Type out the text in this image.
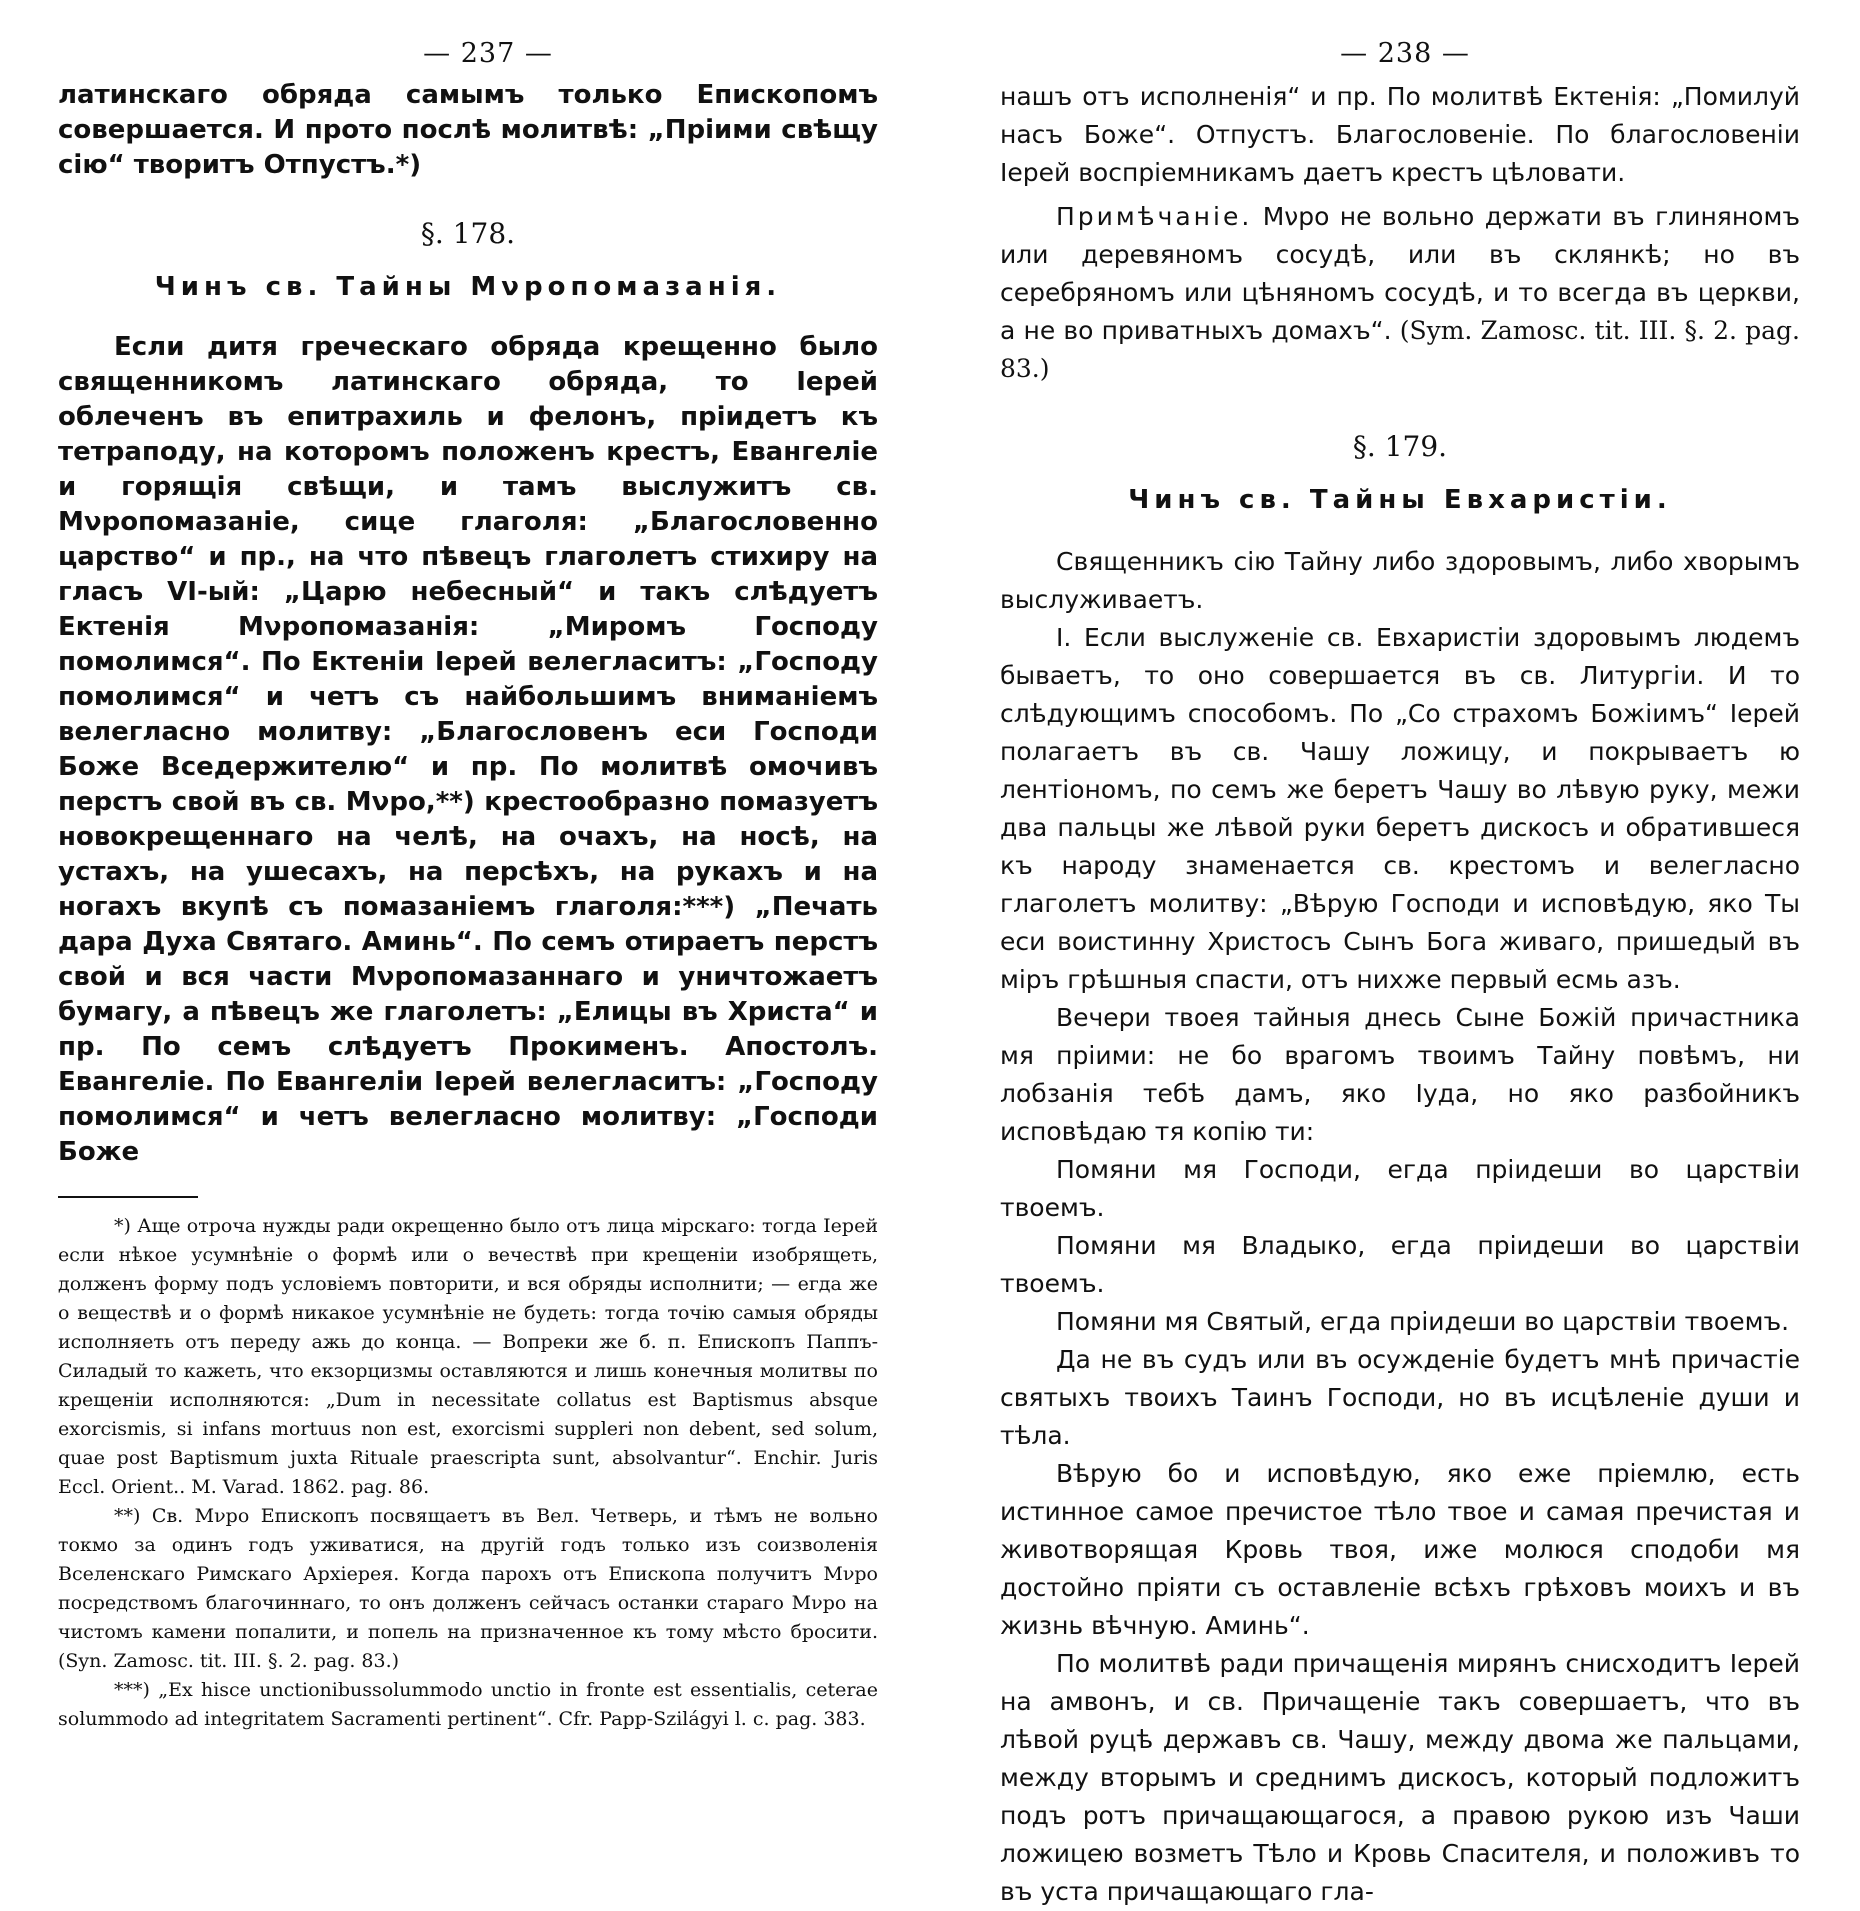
— 237 —

латинскаго обряда самымъ только Епископомъ совершается. И прото послѣ молитвѣ: „Пріими свѣщу сію“ творитъ Отпустъ.*)

§. 178.
Чинъ св. Тайны Мνропомазанія.

Если дитя греческаго обряда крещенно было священникомъ латинскаго обряда, то Іерей облеченъ въ епитрахиль и фелонъ, пріидетъ къ тетраподу, на которомъ положенъ крестъ, Евангеліе и горящія свѣщи, и тамъ выслужитъ св. Мνропомазаніе, сице глаголя: „Благословенно царство“ и пр., на что пѣвецъ глаголетъ стихиру на гласъ VI-ый: „Царю небесный“ и такъ слѣдуетъ Ектенія Мνропомазанія: „Миромъ Господу помолимся“. По Ектеніи Іерей велегласитъ: „Господу помолимся“ и четъ съ найбольшимъ вниманіемъ велегласно молитву: „Благословенъ еси Господи Боже Вседержителю“ и пр. По молитвѣ омочивъ перстъ свой въ св. Мνро,**) крестообразно помазуетъ новокрещеннаго на челѣ, на очахъ, на носѣ, на устахъ, на ушесахъ, на персѣхъ, на рукахъ и на ногахъ вкупѣ съ помазаніемъ глаголя:***) „Печать дара Духа Святаго. Аминь“. По семъ отираетъ перстъ свой и вся части Мνропомазаннаго и уничтожаетъ бумагу, а пѣвецъ же глаголетъ: „Елицы въ Христа“ и пр. По семъ слѣдуетъ Прокименъ. Апостолъ. Евангеліе. По Евангеліи Іерей велегласитъ: „Господу помолимся“ и четъ велегласно молитву: „Господи Боже

*) Аще отроча нужды ради окрещенно было отъ лица мірскаго: тогда Іерей если нѣкое усумнѣніе о формѣ или о вечествѣ при крещеніи изобрящеть, долженъ форму подъ условіемъ повторити, и вся обряды исполнити; — егда же о веществѣ и о формѣ никакое усумнѣніе не будеть: тогда точію самыя обряды исполняеть отъ переду ажь до конца. — Вопреки же б. п. Епископъ Паппъ-Силадый то кажеть, что екзорцизмы оставляются и лишь конечныя молитвы по крещеніи исполняются: „Dum in necessitate collatus est Baptismus absque exorcismis, si infans mortuus non est, exorcismi suppleri non debent, sed solum, quae post Baptismum juxta Rituale praescripta sunt, absolvantur“. Enchir. Juris Eccl. Orient.. M. Varad. 1862. pag. 86.

**) Св. Мνро Епископъ посвящаетъ въ Вел. Четверь, и тѣмъ не вольно токмо за одинъ годъ уживатися, на другій годъ только изъ соизволенія Вселенскаго Римскаго Архіерея. Когда парохъ отъ Епископа получитъ Мνро посредствомъ благочиннаго, то онъ долженъ сейчасъ останки стараго Мνро на чистомъ камени попалити, и попель на призначенное къ тому мѣсто бросити. (Syn. Zamosc. tit. III. §. 2. pag. 83.)

***) „Ex hisce unctionibussolummodo unctio in fronte est essentialis, ceterae solummodo ad integritatem Sacramenti pertinent“. Cfr. Papp-Szilágyi l. c. pag. 383.

— 238 —

нашъ отъ исполненія“ и пр. По молитвѣ Ектенія: „Помилуй насъ Боже“. Отпустъ. Благословеніе. По благословеніи Іерей воспріемникамъ даетъ крестъ цѣловати.

Примѣчаніе. Мνро не вольно держати въ глиняномъ или деревяномъ сосудѣ, или въ склянкѣ; но въ серебряномъ или цѣняномъ сосудѣ, и то всегда въ церкви, а не во приватныхъ домахъ“. (Sym. Zamosc. tit. III. §. 2. pag. 83.)

§. 179.
Чинъ св. Тайны Евхаристіи.

Священникъ сію Тайну либо здоровымъ, либо хворымъ выслуживаетъ.

I. Если выслуженіе св. Евхаристіи здоровымъ людемъ бываетъ, то оно совершается въ св. Литургіи. И то слѣдующимъ способомъ. По „Со страхомъ Божіимъ“ Іерей полагаетъ въ св. Чашу ложицу, и покрываетъ ю лентіономъ, по семъ же беретъ Чашу во лѣвую руку, межи два пальцы же лѣвой руки беретъ дискосъ и обратившеся къ народу знаменается св. крестомъ и велегласно глаголетъ молитву: „Вѣрую Господи и исповѣдую, яко Ты еси воистинну Христосъ Сынъ Бога живаго, пришедый въ міръ грѣшныя спасти, отъ нихже первый есмь азъ.

Вечери твоея тайныя днесь Сыне Божій причастника мя пріими: не бо врагомъ твоимъ Тайну повѣмъ, ни лобзанія тебѣ дамъ, яко Іуда, но яко разбойникъ исповѣдаю тя копію ти:

Помяни мя Господи, егда пріидеши во царствіи твоемъ.

Помяни мя Владыко, егда пріидеши во царствіи твоемъ.

Помяни мя Святый, егда пріидеши во царствіи твоемъ.

Да не въ судъ или въ осужденіе будетъ мнѣ причастіе святыхъ твоихъ Таинъ Господи, но въ исцѣленіе души и тѣла.

Вѣрую бо и исповѣдую, яко еже пріемлю, есть истинное самое пречистое тѣло твое и самая пречистая и животворящая Кровь твоя, иже молюся сподоби мя достойно пріяти съ оставленіе всѣхъ грѣховъ моихъ и въ жизнь вѣчную. Аминь“.

По молитвѣ ради причащенія мирянъ снисходитъ Іерей на амвонъ, и св. Причащеніе такъ совершаетъ, что въ лѣвой руцѣ державъ св. Чашу, между двома же пальцами, между вторымъ и среднимъ дискосъ, который подложитъ подъ ротъ причащающагося, а правою рукою изъ Чаши ложицею возметъ Тѣло и Кровь Спасителя, и положивъ то въ уста причащающаго гла-
